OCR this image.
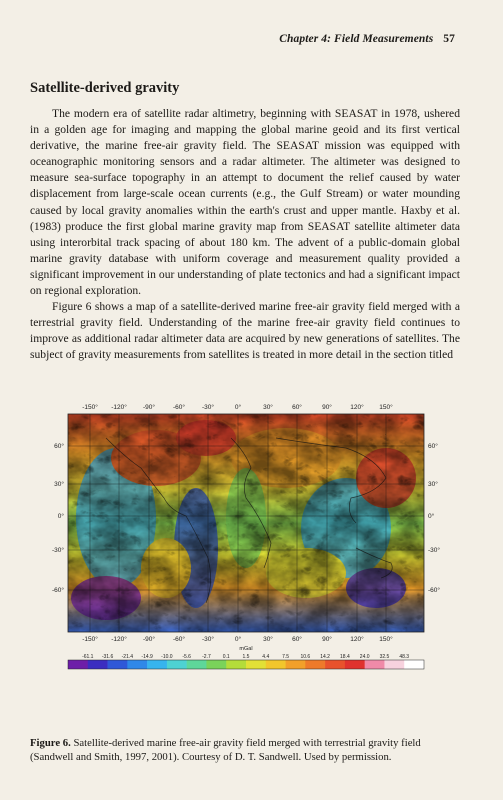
Chapter 4: Field Measurements 57
Satellite-derived gravity

The modern era of satellite radar altimetry, beginning with SEASAT in 1978, ushered in a golden age for imaging and mapping the global marine geoid and its first vertical derivative, the marine free-air gravity field. The SEASAT mission was equipped with oceanographic monitoring sensors and a radar altimeter. The altimeter was designed to measure sea-surface topography in an attempt to document the relief caused by water displacement from large-scale ocean currents (e.g., the Gulf Stream) or water mounding caused by local gravity anomalies within the earth's crust and upper mantle. Haxby et al. (1983) produce the first global marine gravity map from SEASAT satellite altimeter data using interorbital track spacing of about 180 km. The advent of a public-domain global marine gravity database with uniform coverage and measurement quality provided a significant improvement in our understanding of plate tectonics and had a significant impact on regional exploration.

Figure 6 shows a map of a satellite-derived marine free-air gravity field merged with a terrestrial gravity field. Understanding of the marine free-air gravity field continues to improve as additional radar altimeter data are acquired by new generations of satellites. The subject of gravity measurements from satellites is treated in more detail in the section titled

-150° -120° -90°	-60°	-30°	0°	30°	60°	90°	120° 150°
60°
30°
0°
-30°
-60°
60°
30°
0°
-30°
-60°
-150° -120° -90°	-60°	-30°	0°	30°	60°	90°	120° 150°
mGal
-61.1 -31.6 -21.4 -14.9 -10.0 -5.6 -2.7 0.1	1.5	4.4	7.5 10.6 14.2 18.4 24.0 32.5 48.3
Figure 6. Satellite-derived marine free-air gravity field merged with terrestrial gravity field (Sandwell and Smith, 1997, 2001). Courtesy of D. T. Sandwell. Used by permission.
